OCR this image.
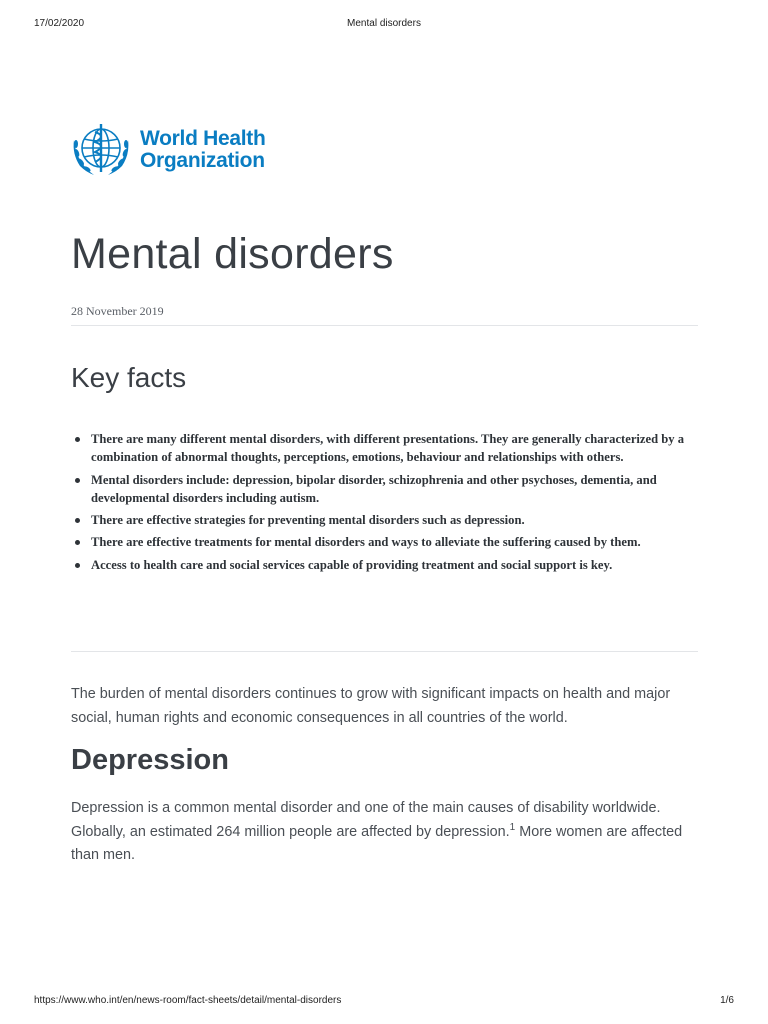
17/02/2020	Mental disorders
World Health
Organization
Mental disorders
28 November 2019
Key facts
There are many different mental disorders, with different presentations. They are generally characterized by a combination of abnormal thoughts, perceptions, emotions, behaviour and relationships with others.
Mental disorders include: depression, bipolar disorder, schizophrenia and other psychoses, dementia, and developmental disorders including autism.
There are effective strategies for preventing mental disorders such as depression.
There are effective treatments for mental disorders and ways to alleviate the suffering caused by them.
Access to health care and social services capable of providing treatment and social support is key.

The burden of mental disorders continues to grow with significant impacts on health and major social, human rights and economic consequences in all countries of the world.

Depression

Depression is a common mental disorder and one of the main causes of disability worldwide. Globally, an estimated 264 million people are affected by depression.$^1$ More women are affected than men.

https://www.who.int/en/news-room/fact-sheets/detail/mental-disorders	1/6
